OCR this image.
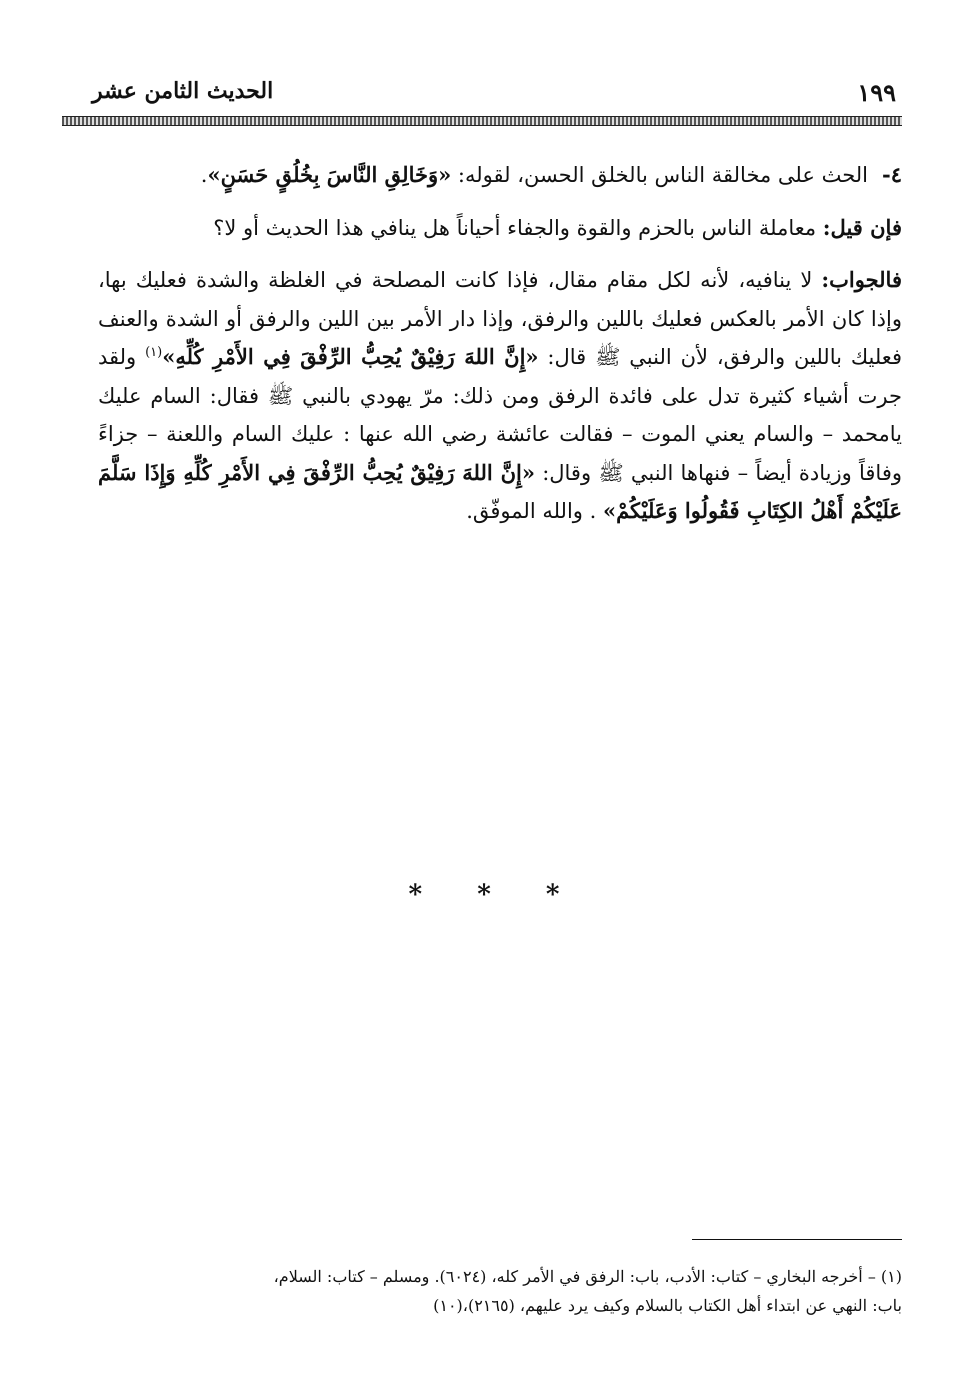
١٩٩
الحديث الثامن عشر

٤-الحث على مخالقة الناس بالخلق الحسن، لقوله: «وَخَالِقِ النَّاسَ بِخُلُقٍ حَسَنٍ».

فإن قيل: معاملة الناس بالحزم والقوة والجفاء أحياناً هل ينافي هذا الحديث أو لا؟

فالجواب: لا ينافيه، لأنه لكل مقام مقال، فإذا كانت المصلحة في الغلظة والشدة فعليك بها، وإذا كان الأمر بالعكس فعليك باللين والرفق، وإذا دار الأمر بين اللين والرفق أو الشدة والعنف فعليك باللين والرفق، لأن النبي ﷺ قال: «إِنَّ اللهَ رَفِيْقٌ يُحِبُّ الرِّفْقَ فِي الأَمْرِ كُلِّهِ»$^{(١)}$ ولقد جرت أشياء كثيرة تدل على فائدة الرفق ومن ذلك: مرّ يهودي بالنبي ﷺ فقال: السام عليك يامحمد – والسام يعني الموت – فقالت عائشة رضي الله عنها : عليك السام واللعنة – جزاءً وفاقاً وزيادة أيضاً – فنهاها النبي ﷺ وقال: «إِنَّ اللهَ رَفِيْقٌ يُحِبُّ الرِّفْقَ فِي الأَمْرِ كُلِّهِ وَإِذَا سَلَّمَ عَلَيْكُمْ أَهْلُ الكِتَابِ فَقُولُوا وَعَلَيْكُمْ» . والله الموفّق.

* * *

(١) – أخرجه البخاري – كتاب: الأدب، باب: الرفق في الأمر كله، (٦٠٢٤). ومسلم – كتاب: السلام،

باب: النهي عن ابتداء أهل الكتاب بالسلام وكيف يرد عليهم، (٢١٦٥)،(١٠)
